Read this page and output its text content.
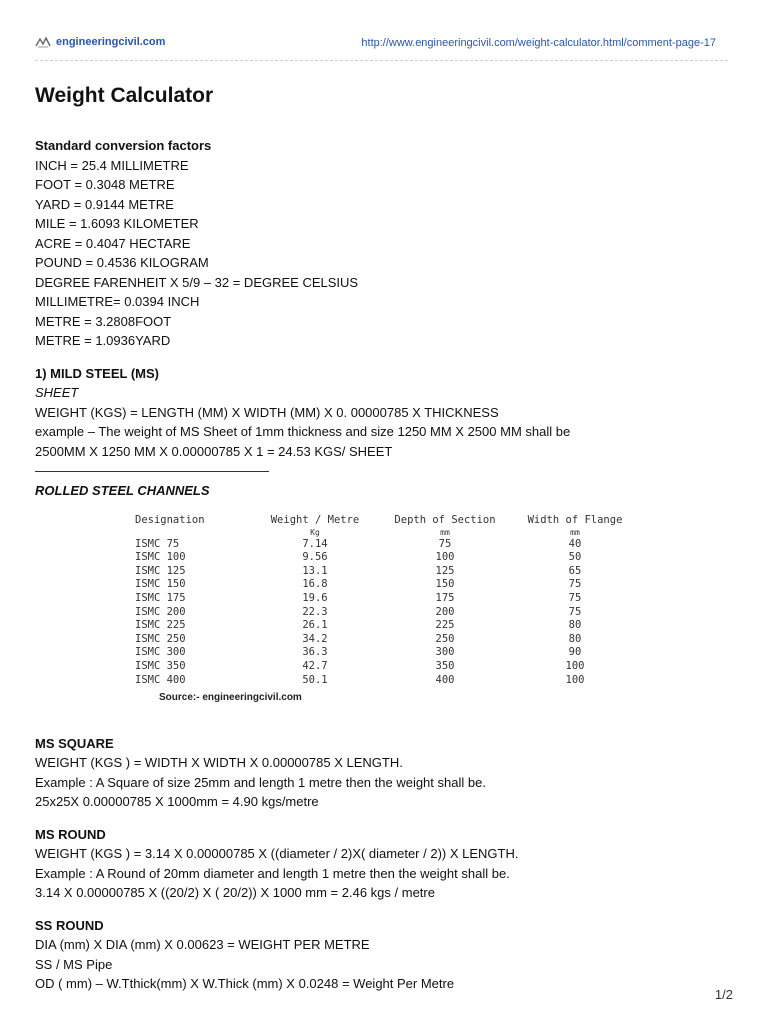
engineeringcivil.com	http://www.engineeringcivil.com/weight-calculator.html/comment-page-17
Weight Calculator

Standard conversion factors

INCH = 25.4 MILLIMETRE

FOOT = 0.3048 METRE

YARD = 0.9144 METRE

MILE = 1.6093 KILOMETER

ACRE = 0.4047 HECTARE

POUND = 0.4536 KILOGRAM

DEGREE FARENHEIT X 5/9 – 32 = DEGREE CELSIUS

MILLIMETRE= 0.0394 INCH

METRE = 3.2808FOOT

METRE = 1.0936YARD

1) MILD STEEL (MS)

SHEET

WEIGHT (KGS) = LENGTH (MM) X WIDTH (MM) X 0. 00000785 X THICKNESS

example – The weight of MS Sheet of 1mm thickness and size 1250 MM X 2500 MM shall be

2500MM X 1250 MM X 0.00000785 X 1 = 24.53 KGS/ SHEET

——————————————————

ROLLED STEEL CHANNELS

Designation	Weight / Metre	Depth of Section	Width of Flange
	Kg	mm	mm
ISMC 75	7.14	75	40
ISMC 100	9.56	100	50
ISMC 125	13.1	125	65
ISMC 150	16.8	150	75
ISMC 175	19.6	175	75
ISMC 200	22.3	200	75
ISMC 225	26.1	225	80
ISMC 250	34.2	250	80
ISMC 300	36.3	300	90
ISMC 350	42.7	350	100
ISMC 400	50.1	400	100
Source:- engineeringcivil.com

MS SQUARE

WEIGHT (KGS ) = WIDTH X WIDTH X 0.00000785 X LENGTH.

Example : A Square of size 25mm and length 1 metre then the weight shall be.

25x25X 0.00000785 X 1000mm = 4.90 kgs/metre

MS ROUND

WEIGHT (KGS ) = 3.14 X 0.00000785 X ((diameter / 2)X( diameter / 2)) X LENGTH.

Example : A Round of 20mm diameter and length 1 metre then the weight shall be.

3.14 X 0.00000785 X ((20/2) X ( 20/2)) X 1000 mm = 2.46 kgs / metre

SS ROUND

DIA (mm) X DIA (mm) X 0.00623 = WEIGHT PER METRE

SS / MS Pipe

OD ( mm) – W.Tthick(mm) X W.Thick (mm) X 0.0248 = Weight Per Metre

1/2
